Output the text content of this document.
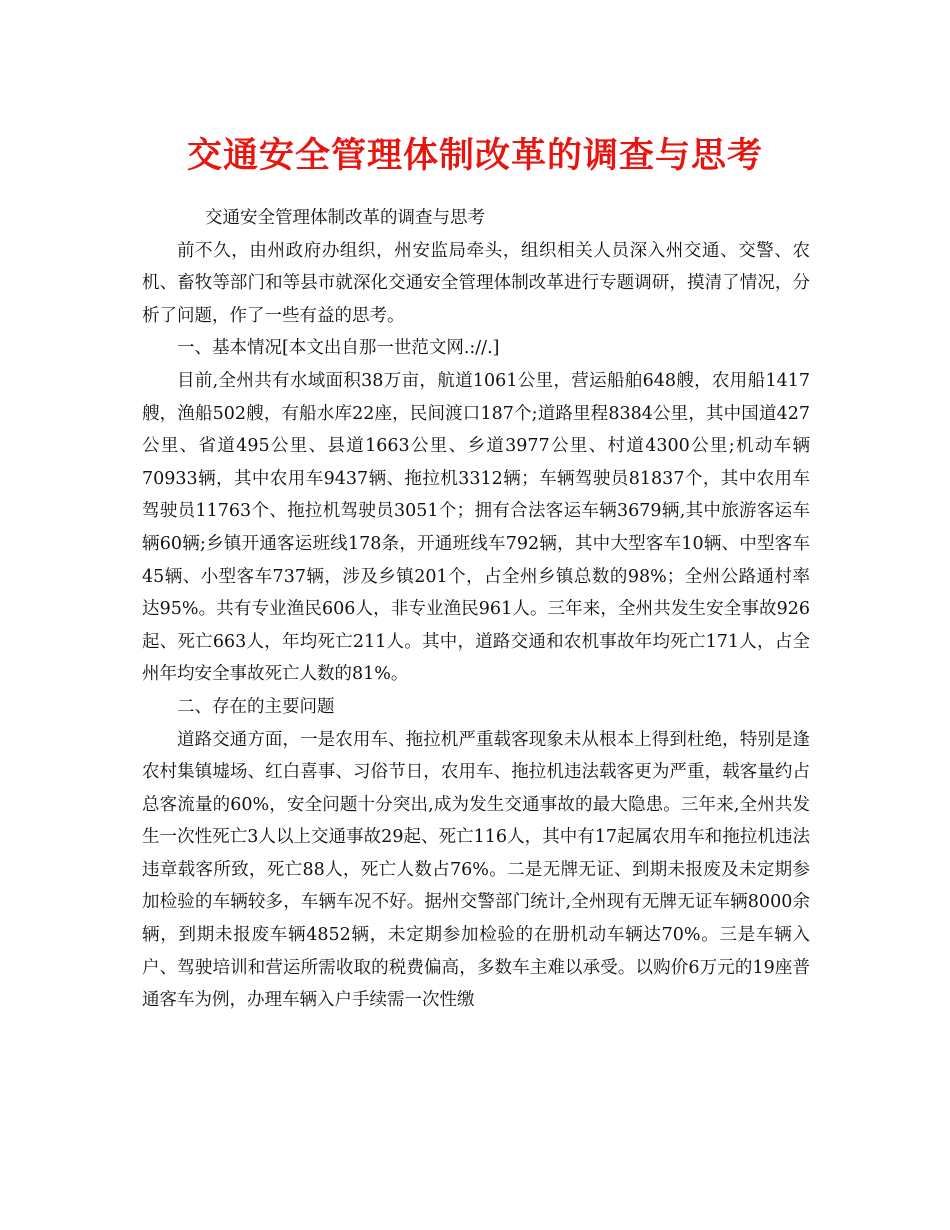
交通安全管理体制改革的调查与思考

交通安全管理体制改革的调查与思考

前不久，由州政府办组织，州安监局牵头，组织相关人员深入州交通、交警、农机、畜牧等部门和等县市就深化交通安全管理体制改革进行专题调研，摸清了情况，分析了问题，作了一些有益的思考。

一、基本情况[本文出自那一世范文网.://.]

目前,全州共有水域面积38万亩，航道1061公里，营运船舶648艘，农用船1417艘，渔船502艘，有船水库22座，民间渡口187个;道路里程8384公里，其中国道427公里、省道495公里、县道1663公里、乡道3977公里、村道4300公里;机动车辆70933辆，其中农用车9437辆、拖拉机3312辆；车辆驾驶员81837个，其中农用车驾驶员11763个、拖拉机驾驶员3051个；拥有合法客运车辆3679辆,其中旅游客运车辆60辆;乡镇开通客运班线178条，开通班线车792辆，其中大型客车10辆、中型客车45辆、小型客车737辆，涉及乡镇201个，占全州乡镇总数的98%；全州公路通村率达95%。共有专业渔民606人，非专业渔民961人。三年来，全州共发生安全事故926起、死亡663人，年均死亡211人。其中，道路交通和农机事故年均死亡171人，占全州年均安全事故死亡人数的81%。

二、存在的主要问题

道路交通方面，一是农用车、拖拉机严重载客现象未从根本上得到杜绝，特别是逢农村集镇墟场、红白喜事、习俗节日，农用车、拖拉机违法载客更为严重，载客量约占总客流量的60%，安全问题十分突出,成为发生交通事故的最大隐患。三年来,全州共发生一次性死亡3人以上交通事故29起、死亡116人，其中有17起属农用车和拖拉机违法违章载客所致，死亡88人，死亡人数占76%。二是无牌无证、到期未报废及未定期参加检验的车辆较多，车辆车况不好。据州交警部门统计,全州现有无牌无证车辆8000余辆，到期未报废车辆4852辆，未定期参加检验的在册机动车辆达70%。三是车辆入户、驾驶培训和营运所需收取的税费偏高，多数车主难以承受。以购价6万元的19座普通客车为例，办理车辆入户手续需一次性缴
